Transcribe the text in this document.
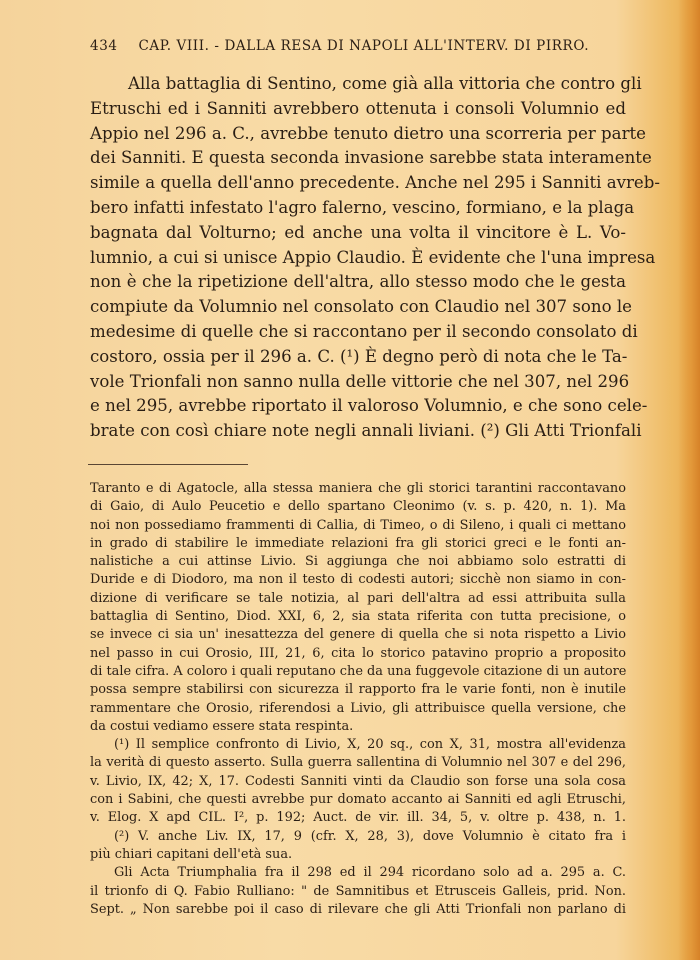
434 CAP. VIII. - DALLA RESA DI NAPOLI ALL'INTERV. DI PIRRO.
Alla battaglia di Sentino, come già alla vittoria che contro gli
Etruschi ed i Sanniti avrebbero ottenuta i consoli Volumnio ed
Appio nel 296 a. C., avrebbe tenuto dietro una scorreria per parte
dei Sanniti. E questa seconda invasione sarebbe stata interamente
simile a quella dell'anno precedente. Anche nel 295 i Sanniti avreb-
bero infatti infestato l'agro falerno, vescino, formiano, e la plaga
bagnata dal Volturno; ed anche una volta il vincitore è L. Vo-
lumnio, a cui si unisce Appio Claudio. È evidente che l'una impresa
non è che la ripetizione dell'altra, allo stesso modo che le gesta
compiute da Volumnio nel consolato con Claudio nel 307 sono le
medesime di quelle che si raccontano per il secondo consolato di
costoro, ossia per il 296 a. C. (¹) È degno però di nota che le Ta-
vole Trionfali non sanno nulla delle vittorie che nel 307, nel 296
e nel 295, avrebbe riportato il valoroso Volumnio, e che sono cele-
brate con così chiare note negli annali liviani. (²) Gli Atti Trionfali
Taranto e di Agatocle, alla stessa maniera che gli storici tarantini raccontavano
di Gaio, di Aulo Peucetio e dello spartano Cleonimo (v. s. p. 420, n. 1). Ma
noi non possediamo frammenti di Callia, di Timeo, o di Sileno, i quali ci mettano
in grado di stabilire le immediate relazioni fra gli storici greci e le fonti an-
nalistiche a cui attinse Livio. Si aggiunga che noi abbiamo solo estratti di
Duride e di Diodoro, ma non il testo di codesti autori; sicchè non siamo in con-
dizione di verificare se tale notizia, al pari dell'altra ad essi attribuita sulla
battaglia di Sentino, Diod. XXI, 6, 2, sia stata riferita con tutta precisione, o
se invece ci sia un' inesattezza del genere di quella che si nota rispetto a Livio
nel passo in cui Orosio, III, 21, 6, cita lo storico patavino proprio a proposito
di tale cifra. A coloro i quali reputano che da una fuggevole citazione di un autore
possa sempre stabilirsi con sicurezza il rapporto fra le varie fonti, non è inutile
rammentare che Orosio, riferendosi a Livio, gli attribuisce quella versione, che
da costui vediamo essere stata respinta.
(¹) Il semplice confronto di Livio, X, 20 sq., con X, 31, mostra all'evidenza
la verità di questo asserto. Sulla guerra sallentina di Volumnio nel 307 e del 296,
v. Livio, IX, 42; X, 17. Codesti Sanniti vinti da Claudio son forse una sola cosa
con i Sabini, che questi avrebbe pur domato accanto ai Sanniti ed agli Etruschi,
v. Elog. X apd CIL. I², p. 192; Auct. de vir. ill. 34, 5, v. oltre p. 438, n. 1.
(²) V. anche Liv. IX, 17, 9 (cfr. X, 28, 3), dove Volumnio è citato fra i
più chiari capitani dell'età sua.
Gli Acta Triumphalia fra il 298 ed il 294 ricordano solo ad a. 295 a. C.
il trionfo di Q. Fabio Rulliano: " de Samnitibus et Etrusceis Galleis, prid. Non.
Sept. „ Non sarebbe poi il caso di rilevare che gli Atti Trionfali non parlano di
